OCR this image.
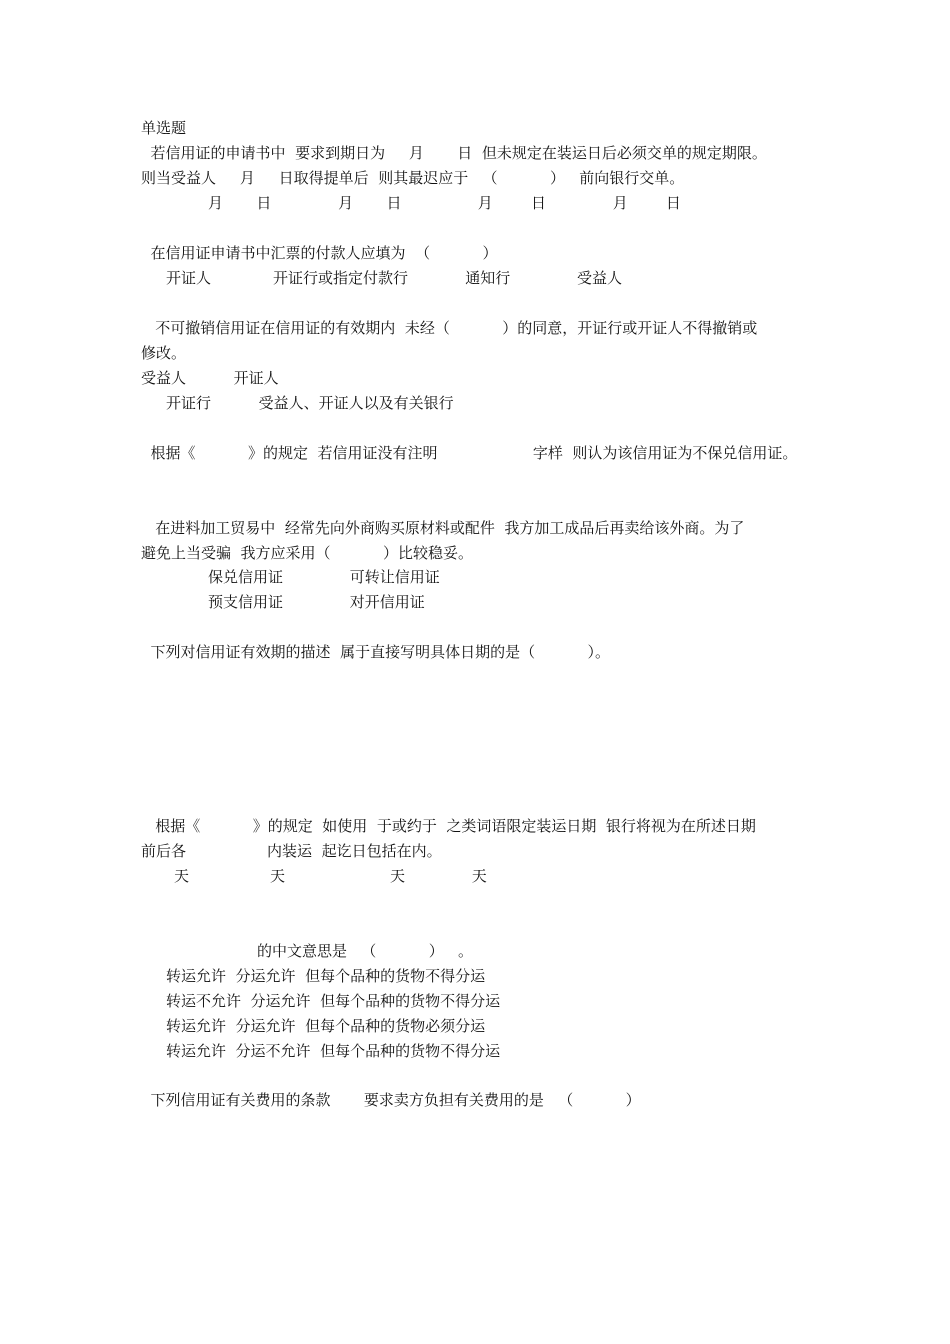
单选题
若信用证的申请书中  要求到期日为     月       日  但未规定在装运日后必须交单的规定期限。
则当受益人     月     日取得提单后  则其最迟应于   （           ）   前向银行交单。
月       日              月       日                月        日              月        日
在信用证申请书中汇票的付款人应填为  （           ）
开证人             开证行或指定付款行            通知行              受益人
不可撤销信用证在信用证的有效期内  未经（           ）的同意，开证行或开证人不得撤销或
修改。
受益人          开证人
开证行          受益人、开证人以及有关银行
根据《           》的规定  若信用证没有注明                    字样  则认为该信用证为不保兑信用证。
在进料加工贸易中  经常先向外商购买原材料或配件  我方加工成品后再卖给该外商。为了
避免上当受骗  我方应采用（           ）比较稳妥。
保兑信用证              可转让信用证
预支信用证              对开信用证
下列对信用证有效期的描述  属于直接写明具体日期的是（           ）。
根据《           》的规定  如使用  于或约于  之类词语限定装运日期  银行将视为在所述日期
前后各                 内装运  起讫日包括在内。
天                 天                      天              天
的中文意思是   （           ）   。
转运允许  分运允许  但每个品种的货物不得分运
转运不允许  分运允许  但每个品种的货物不得分运
转运允许  分运允许  但每个品种的货物必须分运
转运允许  分运不允许  但每个品种的货物不得分运
下列信用证有关费用的条款       要求卖方负担有关费用的是   （           ）
